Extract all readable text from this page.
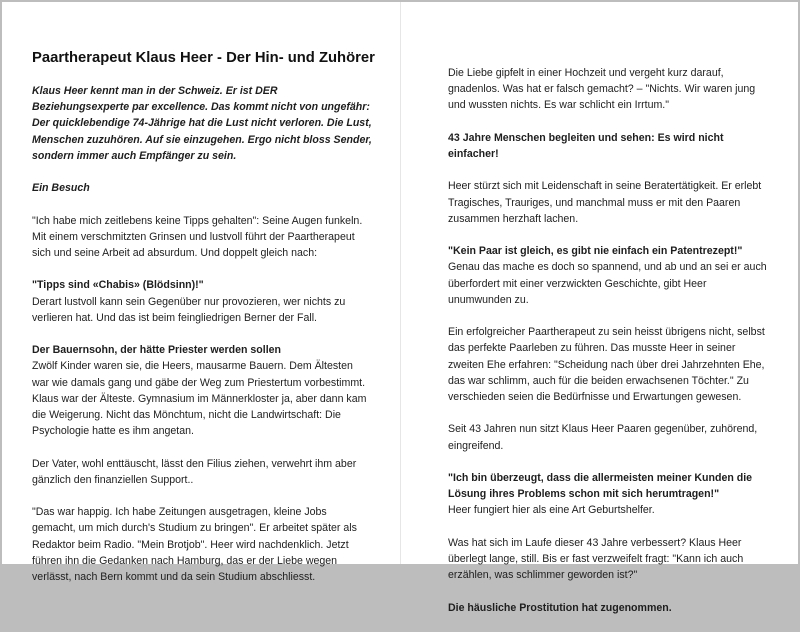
Paartherapeut Klaus Heer - Der Hin- und Zuhörer

Klaus Heer kennt man in der Schweiz. Er ist DER Beziehungsexperte par excellence. Das kommt nicht von ungefähr: Der quicklebendige 74-Jährige hat die Lust nicht verloren. Die Lust, Menschen zuzuhören. Auf sie einzugehen. Ergo nicht bloss Sender, sondern immer auch Empfänger zu sein.

Ein Besuch

"Ich habe mich zeitlebens keine Tipps gehalten": Seine Augen funkeln. Mit einem verschmitzten Grinsen und lustvoll führt der Paartherapeut sich und seine Arbeit ad absurdum. Und doppelt gleich nach:

"Tipps sind «Chabis» (Blödsinn)!"
Derart lustvoll kann sein Gegenüber nur provozieren, wer nichts zu verlieren hat. Und das ist beim feingliedrigen Berner der Fall.

Der Bauernsohn, der hätte Priester werden sollen
Zwölf Kinder waren sie, die Heers, mausarme Bauern. Dem Ältesten war wie damals gang und gäbe der Weg zum Priestertum vorbestimmt. Klaus war der Älteste. Gymnasium im Männerkloster ja, aber dann kam die Weigerung. Nicht das Mönchtum, nicht die Landwirtschaft: Die Psychologie hatte es ihm angetan.

Der Vater, wohl enttäuscht, lässt den Filius ziehen, verwehrt ihm aber gänzlich den finanziellen Support..

"Das war happig. Ich habe Zeitungen ausgetragen, kleine Jobs gemacht, um mich durch's Studium zu bringen". Er arbeitet später als Redaktor beim Radio. "Mein Brotjob". Heer wird nachdenklich. Jetzt führen ihn die Gedanken nach Hamburg, das er der Liebe wegen verlässt, nach Bern kommt und da sein Studium abschliesst.

Die Liebe gipfelt in einer Hochzeit und vergeht kurz darauf, gnadenlos. Was hat er falsch gemacht? – "Nichts. Wir waren jung und wussten nichts. Es war schlicht ein Irrtum."

43 Jahre Menschen begleiten und sehen: Es wird nicht einfacher!

Heer stürzt sich mit Leidenschaft in seine Beratertätigkeit. Er erlebt Tragisches, Trauriges, und manchmal muss er mit den Paaren zusammen herzhaft lachen.

"Kein Paar ist gleich, es gibt nie einfach ein Patentrezept!"
Genau das mache es doch so spannend, und ab und an sei er auch überfordert mit einer verzwickten Geschichte, gibt Heer unumwunden zu.

Ein erfolgreicher Paartherapeut zu sein heisst übrigens nicht, selbst das perfekte Paarleben zu führen. Das musste Heer in seiner zweiten Ehe erfahren: "Scheidung nach über drei Jahrzehnten Ehe, das war schlimm, auch für die beiden erwachsenen Töchter." Zu verschieden seien die Bedürfnisse und Erwartungen gewesen.

Seit 43 Jahren nun sitzt Klaus Heer Paaren gegenüber, zuhörend, eingreifend.

"Ich bin überzeugt, dass die allermeisten meiner Kunden die Lösung ihres Problems schon mit sich herumtragen!"
Heer fungiert hier als eine Art Geburtshelfer.

Was hat sich im Laufe dieser 43 Jahre verbessert? Klaus Heer überlegt lange, still. Bis er fast verzweifelt fragt: "Kann ich auch erzählen, was schlimmer geworden ist?"

Die häusliche Prostitution hat zugenommen.
